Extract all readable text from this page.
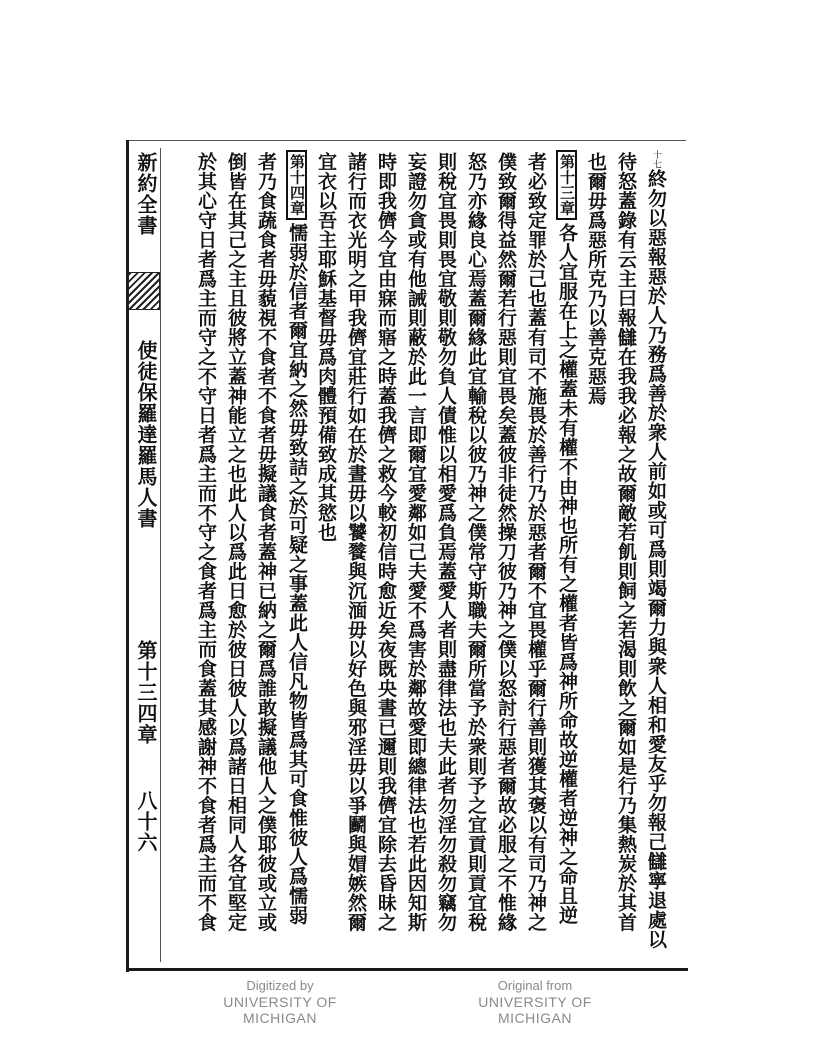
新約全書
使徒保羅達羅馬人書
第十三四章
八十六
十七終勿以惡報惡於人乃務爲善於衆人前如或可爲則竭爾力與衆人相和愛友乎勿報己讎寧退處以
待怒蓋錄有云主曰報讎在我我必報之故爾敵若飢則飼之若渴則飲之爾如是行乃集熱炭於其首
也爾毋爲惡所克乃以善克惡焉
第十三章各人宜服在上之權蓋未有權不由神也所有之權者皆爲神所命故逆權者逆神之命且逆
者必致定罪於己也蓋有司不施畏於善行乃於惡者爾不宜畏權乎爾行善則獲其褒以有司乃神之
僕致爾得益然爾若行惡則宜畏矣蓋彼非徒然操刀彼乃神之僕以怒討行惡者爾故必服之不惟緣
怒乃亦緣良心焉蓋爾緣此宜輸稅以彼乃神之僕常守斯職夫爾所當予於衆則予之宜貢則貢宜稅
則稅宜畏則畏宜敬則敬勿負人債惟以相愛爲負焉蓋愛人者則盡律法也夫此者勿淫勿殺勿竊勿
妄證勿貪或有他誡則蔽於此一言即爾宜愛鄰如己夫愛不爲害於鄰故愛即總律法也若此因知斯
時即我儕今宜由寐而寤之時蓋我儕之救今較初信時愈近矣夜既央晝已邇則我儕宜除去昏昧之
諸行而衣光明之甲我儕宜莊行如在於晝毋以饕餮與沉湎毋以好色與邪淫毋以爭鬬與媢嫉然爾
宜衣以吾主耶穌基督毋爲肉體預備致成其慾也
第十四章懦弱於信者爾宜納之然毋致詰之於可疑之事蓋此人信凡物皆爲其可食惟彼人爲懦弱
者乃食蔬食者毋藐視不食者不食者毋擬議食者蓋神已納之爾爲誰敢擬議他人之僕耶彼或立或
倒皆在其己之主且彼將立蓋神能立之也此人以爲此日愈於彼日彼人以爲諸日相同人各宜堅定
於其心守日者爲主而守之不守日者爲主而不守之食者爲主而食蓋其感謝神不食者爲主而不食
Digitized by
UNIVERSITY OF MICHIGAN
Original from
UNIVERSITY OF MICHIGAN
